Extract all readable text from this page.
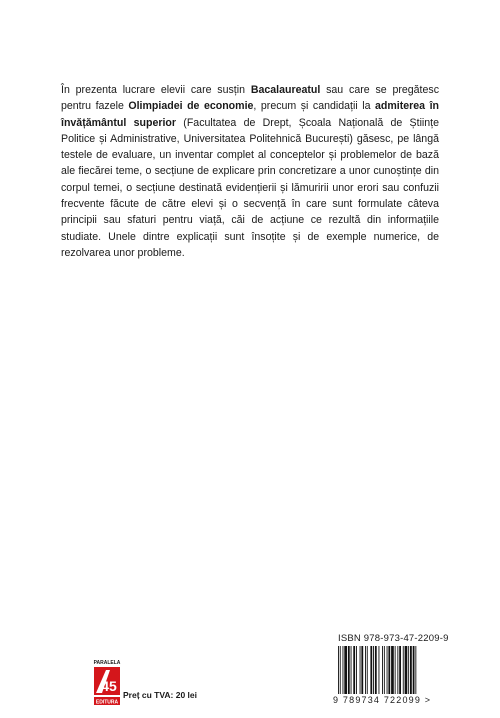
În prezenta lucrare elevii care susțin Bacalaureatul sau care se pregătesc pentru fazele Olimpiadei de economie, precum și candidații la admiterea în învățământul superior (Facultatea de Drept, Școala Națională de Științe Politice și Administrative, Universitatea Politehnică București) găsesc, pe lângă testele de evaluare, un inventar complet al conceptelor și problemelor de bază ale fiecărei teme, o secțiune de explicare prin concretizare a unor cunoștințe din corpul temei, o secțiune destinată evidențierii și lămuririi unor erori sau confuzii frecvente făcute de către elevi și o secvență în care sunt formulate câteva principii sau sfaturi pentru viață, căi de acțiune ce rezultă din informațiile studiate. Unele dintre explicații sunt însoțite și de exemple numerice, de rezolvarea unor probleme.
PARALELA
45
EDITURA
Preț cu TVA: 20 lei
ISBN 978-973-47-2209-9
9 789734 722099 >
